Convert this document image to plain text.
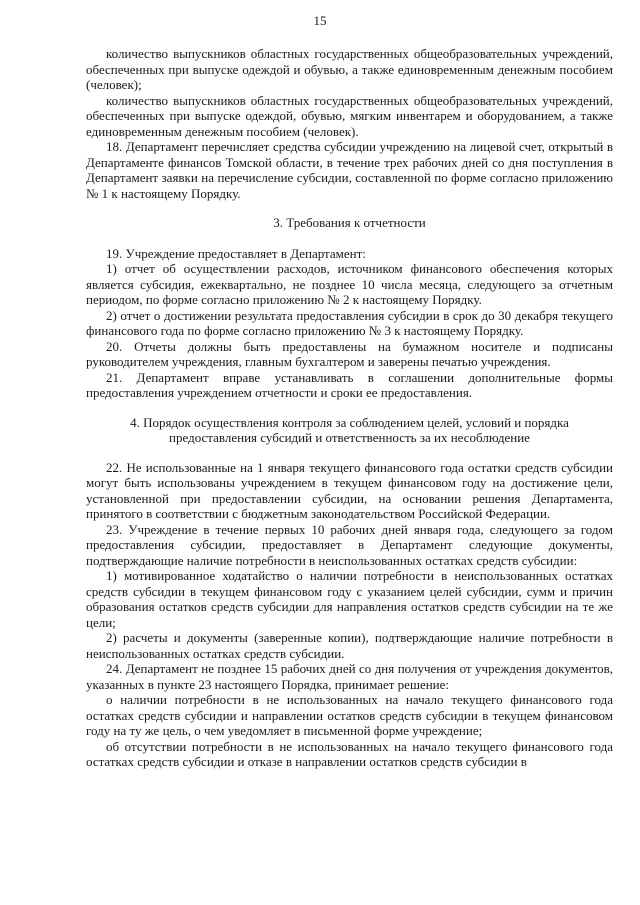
15

количество выпускников областных государственных общеобразовательных учреждений, обеспеченных при выпуске одеждой и обувью, а также единовременным денежным пособием (человек);

количество выпускников областных государственных общеобразовательных учреждений, обеспеченных при выпуске одеждой, обувью, мягким инвентарем и оборудованием, а также единовременным денежным пособием (человек).

18. Департамент перечисляет средства субсидии учреждению на лицевой счет, открытый в Департаменте финансов Томской области, в течение трех рабочих дней со дня поступления в Департамент заявки на перечисление субсидии, составленной по форме согласно приложению № 1 к настоящему Порядку.

3. Требования к отчетности

19. Учреждение предоставляет в Департамент:

1) отчет об осуществлении расходов, источником финансового обеспечения которых является субсидия, ежеквартально, не позднее 10 числа месяца, следующего за отчетным периодом, по форме согласно приложению № 2 к настоящему Порядку.

2) отчет о достижении результата предоставления субсидии в срок до 30 декабря текущего финансового года по форме согласно приложению № 3 к настоящему Порядку.

20. Отчеты должны быть предоставлены на бумажном носителе и подписаны руководителем учреждения, главным бухгалтером и заверены печатью учреждения.

21. Департамент вправе устанавливать в соглашении дополнительные формы предоставления учреждением отчетности и сроки ее предоставления.

4. Порядок осуществления контроля за соблюдением целей, условий и порядка предоставления субсидий и ответственность за их несоблюдение

22. Не использованные на 1 января текущего финансового года остатки средств субсидии могут быть использованы учреждением в текущем финансовом году на достижение цели, установленной при предоставлении субсидии, на основании решения Департамента, принятого в соответствии с бюджетным законодательством Российской Федерации.

23. Учреждение в течение первых 10 рабочих дней января года, следующего за годом предоставления субсидии, предоставляет в Департамент следующие документы, подтверждающие наличие потребности в неиспользованных остатках средств субсидии:

1) мотивированное ходатайство о наличии потребности в неиспользованных остатках средств субсидии в текущем финансовом году с указанием целей субсидии, сумм и причин образования остатков средств субсидии для направления остатков средств субсидии на те же цели;

2) расчеты и документы (заверенные копии), подтверждающие наличие потребности в неиспользованных остатках средств субсидии.

24. Департамент не позднее 15 рабочих дней со дня получения от учреждения документов, указанных в пункте 23 настоящего Порядка, принимает решение:

о наличии потребности в не использованных на начало текущего финансового года остатках средств субсидии и направлении остатков средств субсидии в текущем финансовом году на ту же цель, о чем уведомляет в письменной форме учреждение;

об отсутствии потребности в не использованных на начало текущего финансового года остатках средств субсидии и отказе в направлении остатков средств субсидии в
